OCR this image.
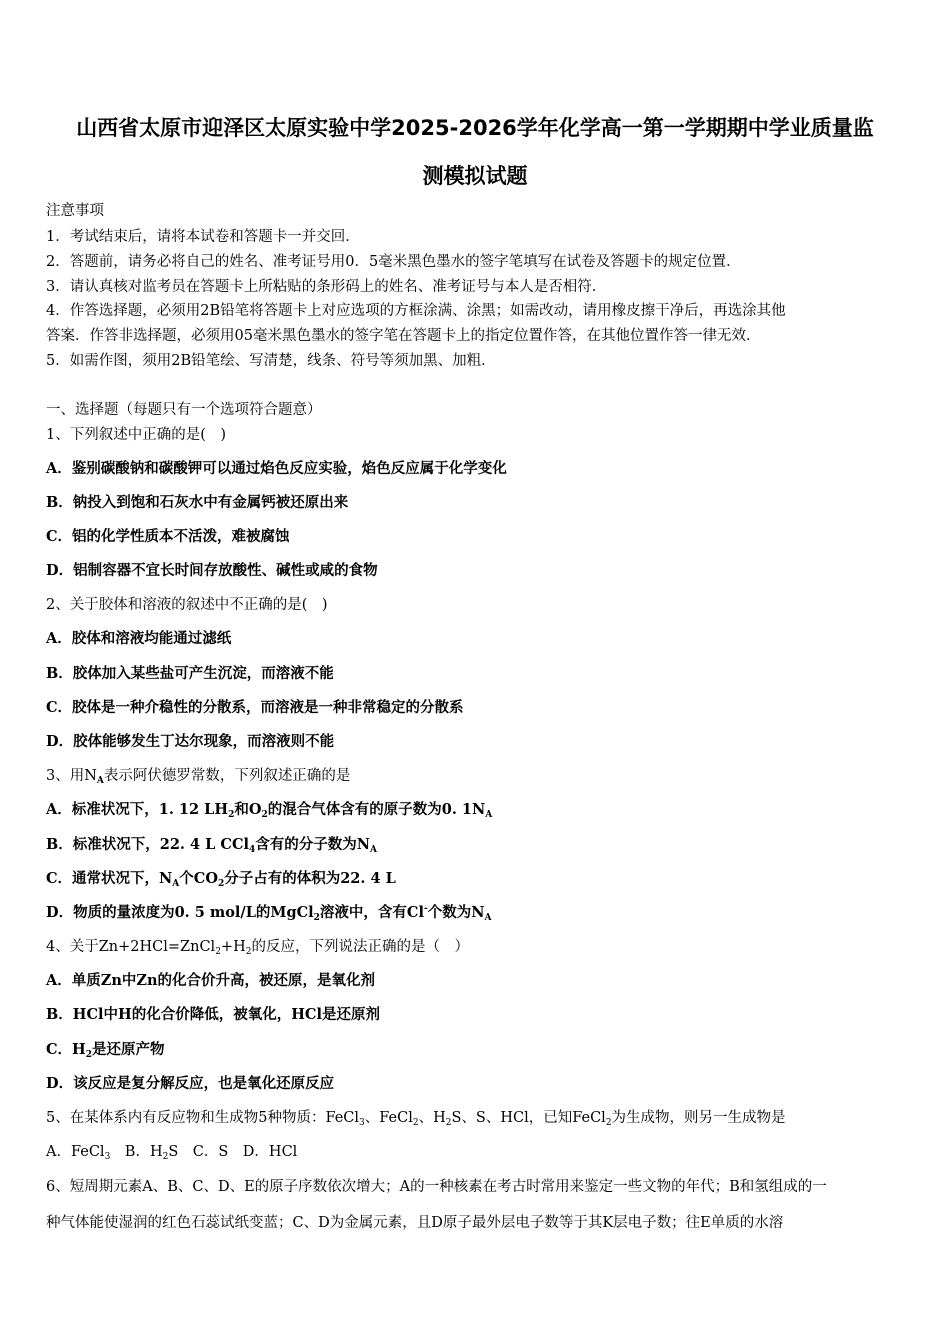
山西省太原市迎泽区太原实验中学2025-2026学年化学高一第一学期期中学业质量监
测模拟试题
注意事项
1．考试结束后，请将本试卷和答题卡一并交回．
2．答题前，请务必将自己的姓名、准考证号用0．5毫米黑色墨水的签字笔填写在试卷及答题卡的规定位置．
3．请认真核对监考员在答题卡上所粘贴的条形码上的姓名、准考证号与本人是否相符．
4．作答选择题，必须用2B铅笔将答题卡上对应选项的方框涂满、涂黑；如需改动，请用橡皮擦干净后，再选涂其他
答案．作答非选择题，必须用05毫米黑色墨水的签字笔在答题卡上的指定位置作答，在其他位置作答一律无效．
5．如需作图，须用2B铅笔绘、写清楚，线条、符号等须加黑、加粗．
一、选择题（每题只有一个选项符合题意）
1、下列叙述中正确的是(　)
A．鉴别碳酸钠和碳酸钾可以通过焰色反应实验，焰色反应属于化学变化
B．钠投入到饱和石灰水中有金属钙被还原出来
C．铝的化学性质本不活泼，难被腐蚀
D．铝制容器不宜长时间存放酸性、碱性或咸的食物
2、关于胶体和溶液的叙述中不正确的是(　)
A．胶体和溶液均能通过滤纸
B．胶体加入某些盐可产生沉淀，而溶液不能
C．胶体是一种介稳性的分散系，而溶液是一种非常稳定的分散系
D．胶体能够发生丁达尔现象，而溶液则不能
3、用$N_A$表示阿伏德罗常数，下列叙述正确的是
A．标准状况下，1. 12 $LH_2$和$O_2$的混合气体含有的原子数为0. $1N_A$
B．标准状况下，22. 4 L CCl$_4$含有的分子数为$N_A$
C．通常状况下，$N_A$个$CO_2$分子占有的体积为22. 4 L
D．物质的量浓度为0. 5 mol/L的MgCl$_2$溶液中，含有Cl-个数为$N_A$
4、关于$Zn+2HCl=ZnCl_2+H_2$的反应，下列说法正确的是（　）
A．单质Zn中Zn的化合价升高，被还原，是氧化剂
B．HCl中H的化合价降低，被氧化，HCl是还原剂
C．$H_2$是还原产物
D．该反应是复分解反应，也是氧化还原反应
5、在某体系内有反应物和生成物5种物质：FeCl$_3$、FeCl$_2$、$H_2S$、S、HCl，已知FeCl$_2$为生成物，则另一生成物是
A．FeCl$_3$　B．$H_2S$　C．S　D．HCl
6、短周期元素A、B、C、D、E的原子序数依次增大；A的一种核素在考古时常用来鉴定一些文物的年代；B和氢组成的一
种气体能使湿润的红色石蕊试纸变蓝；C、D为金属元素，且D原子最外层电子数等于其K层电子数；往E单质的水溶
